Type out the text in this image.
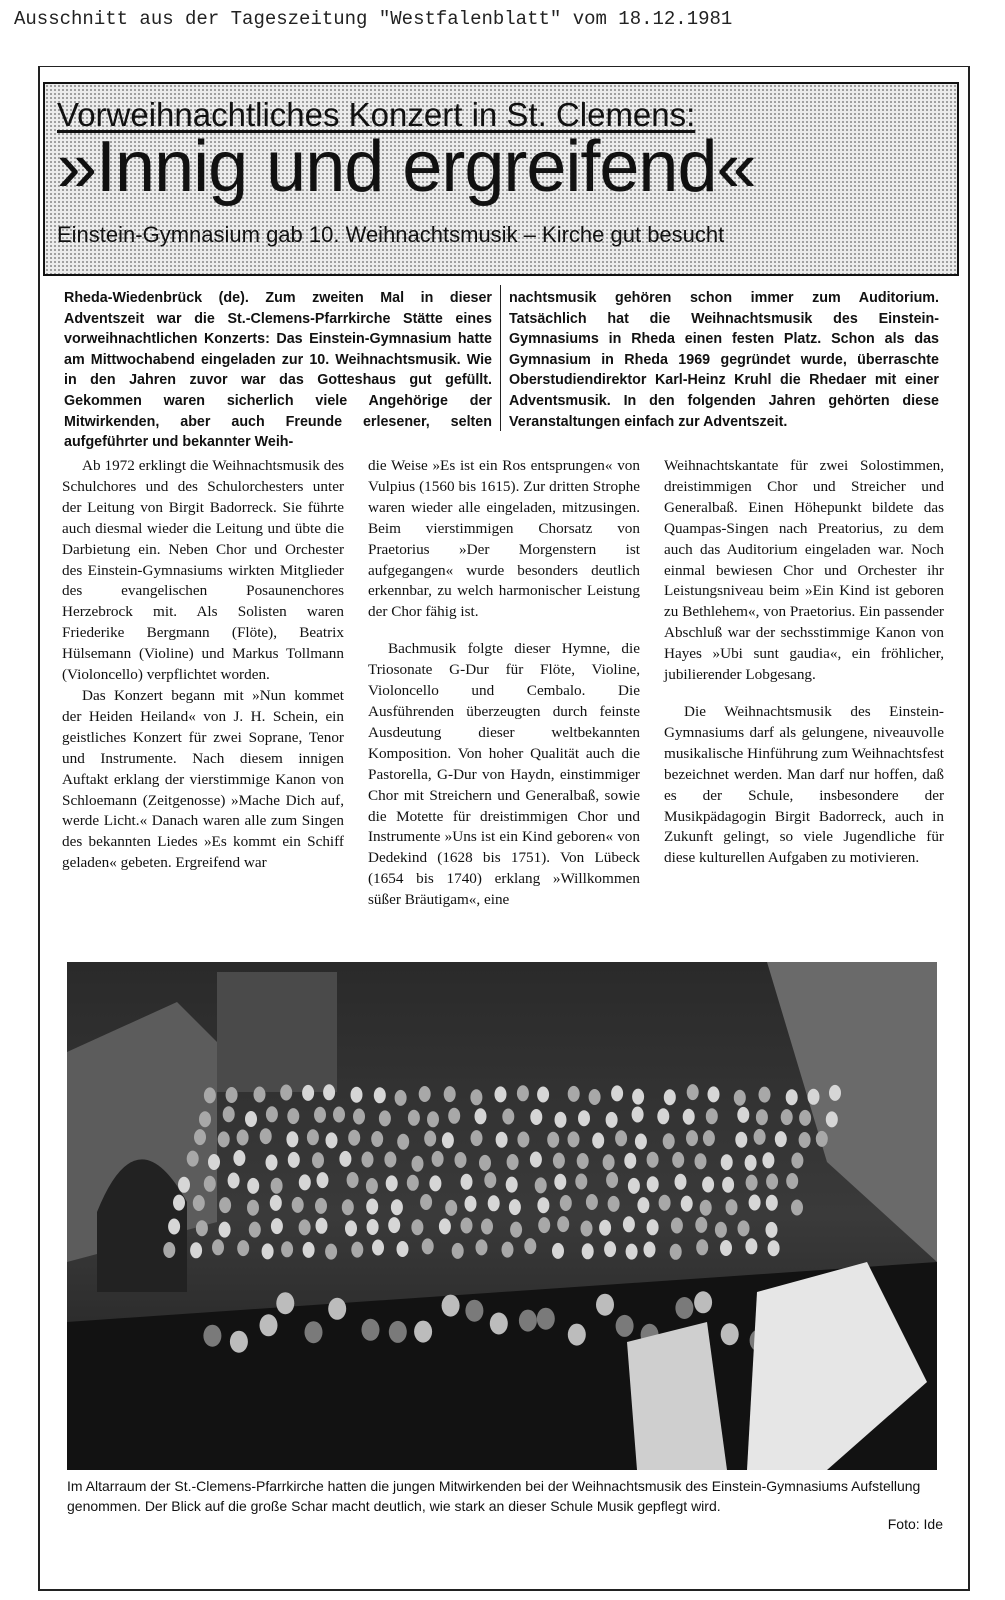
Ausschnitt aus der Tageszeitung "Westfalenblatt" vom 18.12.1981
Vorweihnachtliches Konzert in St. Clemens:
»Innig und ergreifend«
Einstein-Gymnasium gab 10. Weihnachtsmusik – Kirche gut besucht
Rheda-Wiedenbrück (de). Zum zweiten Mal in dieser Adventszeit war die St.-Clemens-Pfarrkirche Stätte eines vorweihnachtlichen Konzerts: Das Einstein-Gymnasium hatte am Mittwochabend eingeladen zur 10. Weihnachtsmusik. Wie in den Jahren zuvor war das Gotteshaus gut gefüllt. Gekommen waren sicherlich viele Angehörige der Mitwirkenden, aber auch Freunde erlesener, selten aufgeführter und bekannter Weih-
nachtsmusik gehören schon immer zum Auditorium. Tatsächlich hat die Weihnachtsmusik des Einstein-Gymnasiums in Rheda einen festen Platz. Schon als das Gymnasium in Rheda 1969 gegründet wurde, überraschte Oberstudiendirektor Karl-Heinz Kruhl die Rhedaer mit einer Adventsmusik. In den folgenden Jahren gehörten diese Veranstaltungen einfach zur Adventszeit.

Ab 1972 erklingt die Weihnachtsmusik des Schulchores und des Schulorchesters unter der Leitung von Birgit Badorreck. Sie führte auch diesmal wieder die Leitung und übte die Darbietung ein. Neben Chor und Orchester des Einstein-Gymnasiums wirkten Mitglieder des evangelischen Posaunenchores Herzebrock mit. Als Solisten waren Friederike Bergmann (Flöte), Beatrix Hülsemann (Violine) und Markus Tollmann (Violoncello) verpflichtet worden.

Das Konzert begann mit »Nun kommet der Heiden Heiland« von J. H. Schein, ein geistliches Konzert für zwei Soprane, Tenor und Instrumente. Nach diesem innigen Auftakt erklang der vierstimmige Kanon von Schloemann (Zeitgenosse) »Mache Dich auf, werde Licht.« Danach waren alle zum Singen des bekannten Liedes »Es kommt ein Schiff geladen« gebeten. Ergreifend war

die Weise »Es ist ein Ros entsprungen« von Vulpius (1560 bis 1615). Zur dritten Strophe waren wieder alle eingeladen, mitzusingen. Beim vierstimmigen Chorsatz von Praetorius »Der Morgenstern ist aufgegangen« wurde besonders deutlich erkennbar, zu welch harmonischer Leistung der Chor fähig ist.

Bachmusik folgte dieser Hymne, die Triosonate G-Dur für Flöte, Violine, Violoncello und Cembalo. Die Ausführenden überzeugten durch feinste Ausdeutung dieser weltbekannten Komposition. Von hoher Qualität auch die Pastorella, G-Dur von Haydn, einstimmiger Chor mit Streichern und Generalbaß, sowie die Motette für dreistimmigen Chor und Instrumente »Uns ist ein Kind geboren« von Dedekind (1628 bis 1751). Von Lübeck (1654 bis 1740) erklang »Willkommen süßer Bräutigam«, eine

Weihnachtskantate für zwei Solostimmen, dreistimmigen Chor und Streicher und Generalbaß. Einen Höhepunkt bildete das Quampas-Singen nach Preatorius, zu dem auch das Auditorium eingeladen war. Noch einmal bewiesen Chor und Orchester ihr Leistungsniveau beim »Ein Kind ist geboren zu Bethlehem«, von Praetorius. Ein passender Abschluß war der sechsstimmige Kanon von Hayes »Ubi sunt gaudia«, ein fröhlicher, jubilierender Lobgesang.

Die Weihnachtsmusik des Einstein-Gymnasiums darf als gelungene, niveauvolle musikalische Hinführung zum Weihnachtsfest bezeichnet werden. Man darf nur hoffen, daß es der Schule, insbesondere der Musikpädagogin Birgit Badorreck, auch in Zukunft gelingt, so viele Jugendliche für diese kulturellen Aufgaben zu motivieren.

Im Altarraum der St.-Clemens-Pfarrkirche hatten die jungen Mitwirkenden bei der Weihnachtsmusik des Einstein-Gymnasiums Aufstellung genommen. Der Blick auf die große Schar macht deutlich, wie stark an dieser Schule Musik gepflegt wird.
Foto: Ide
